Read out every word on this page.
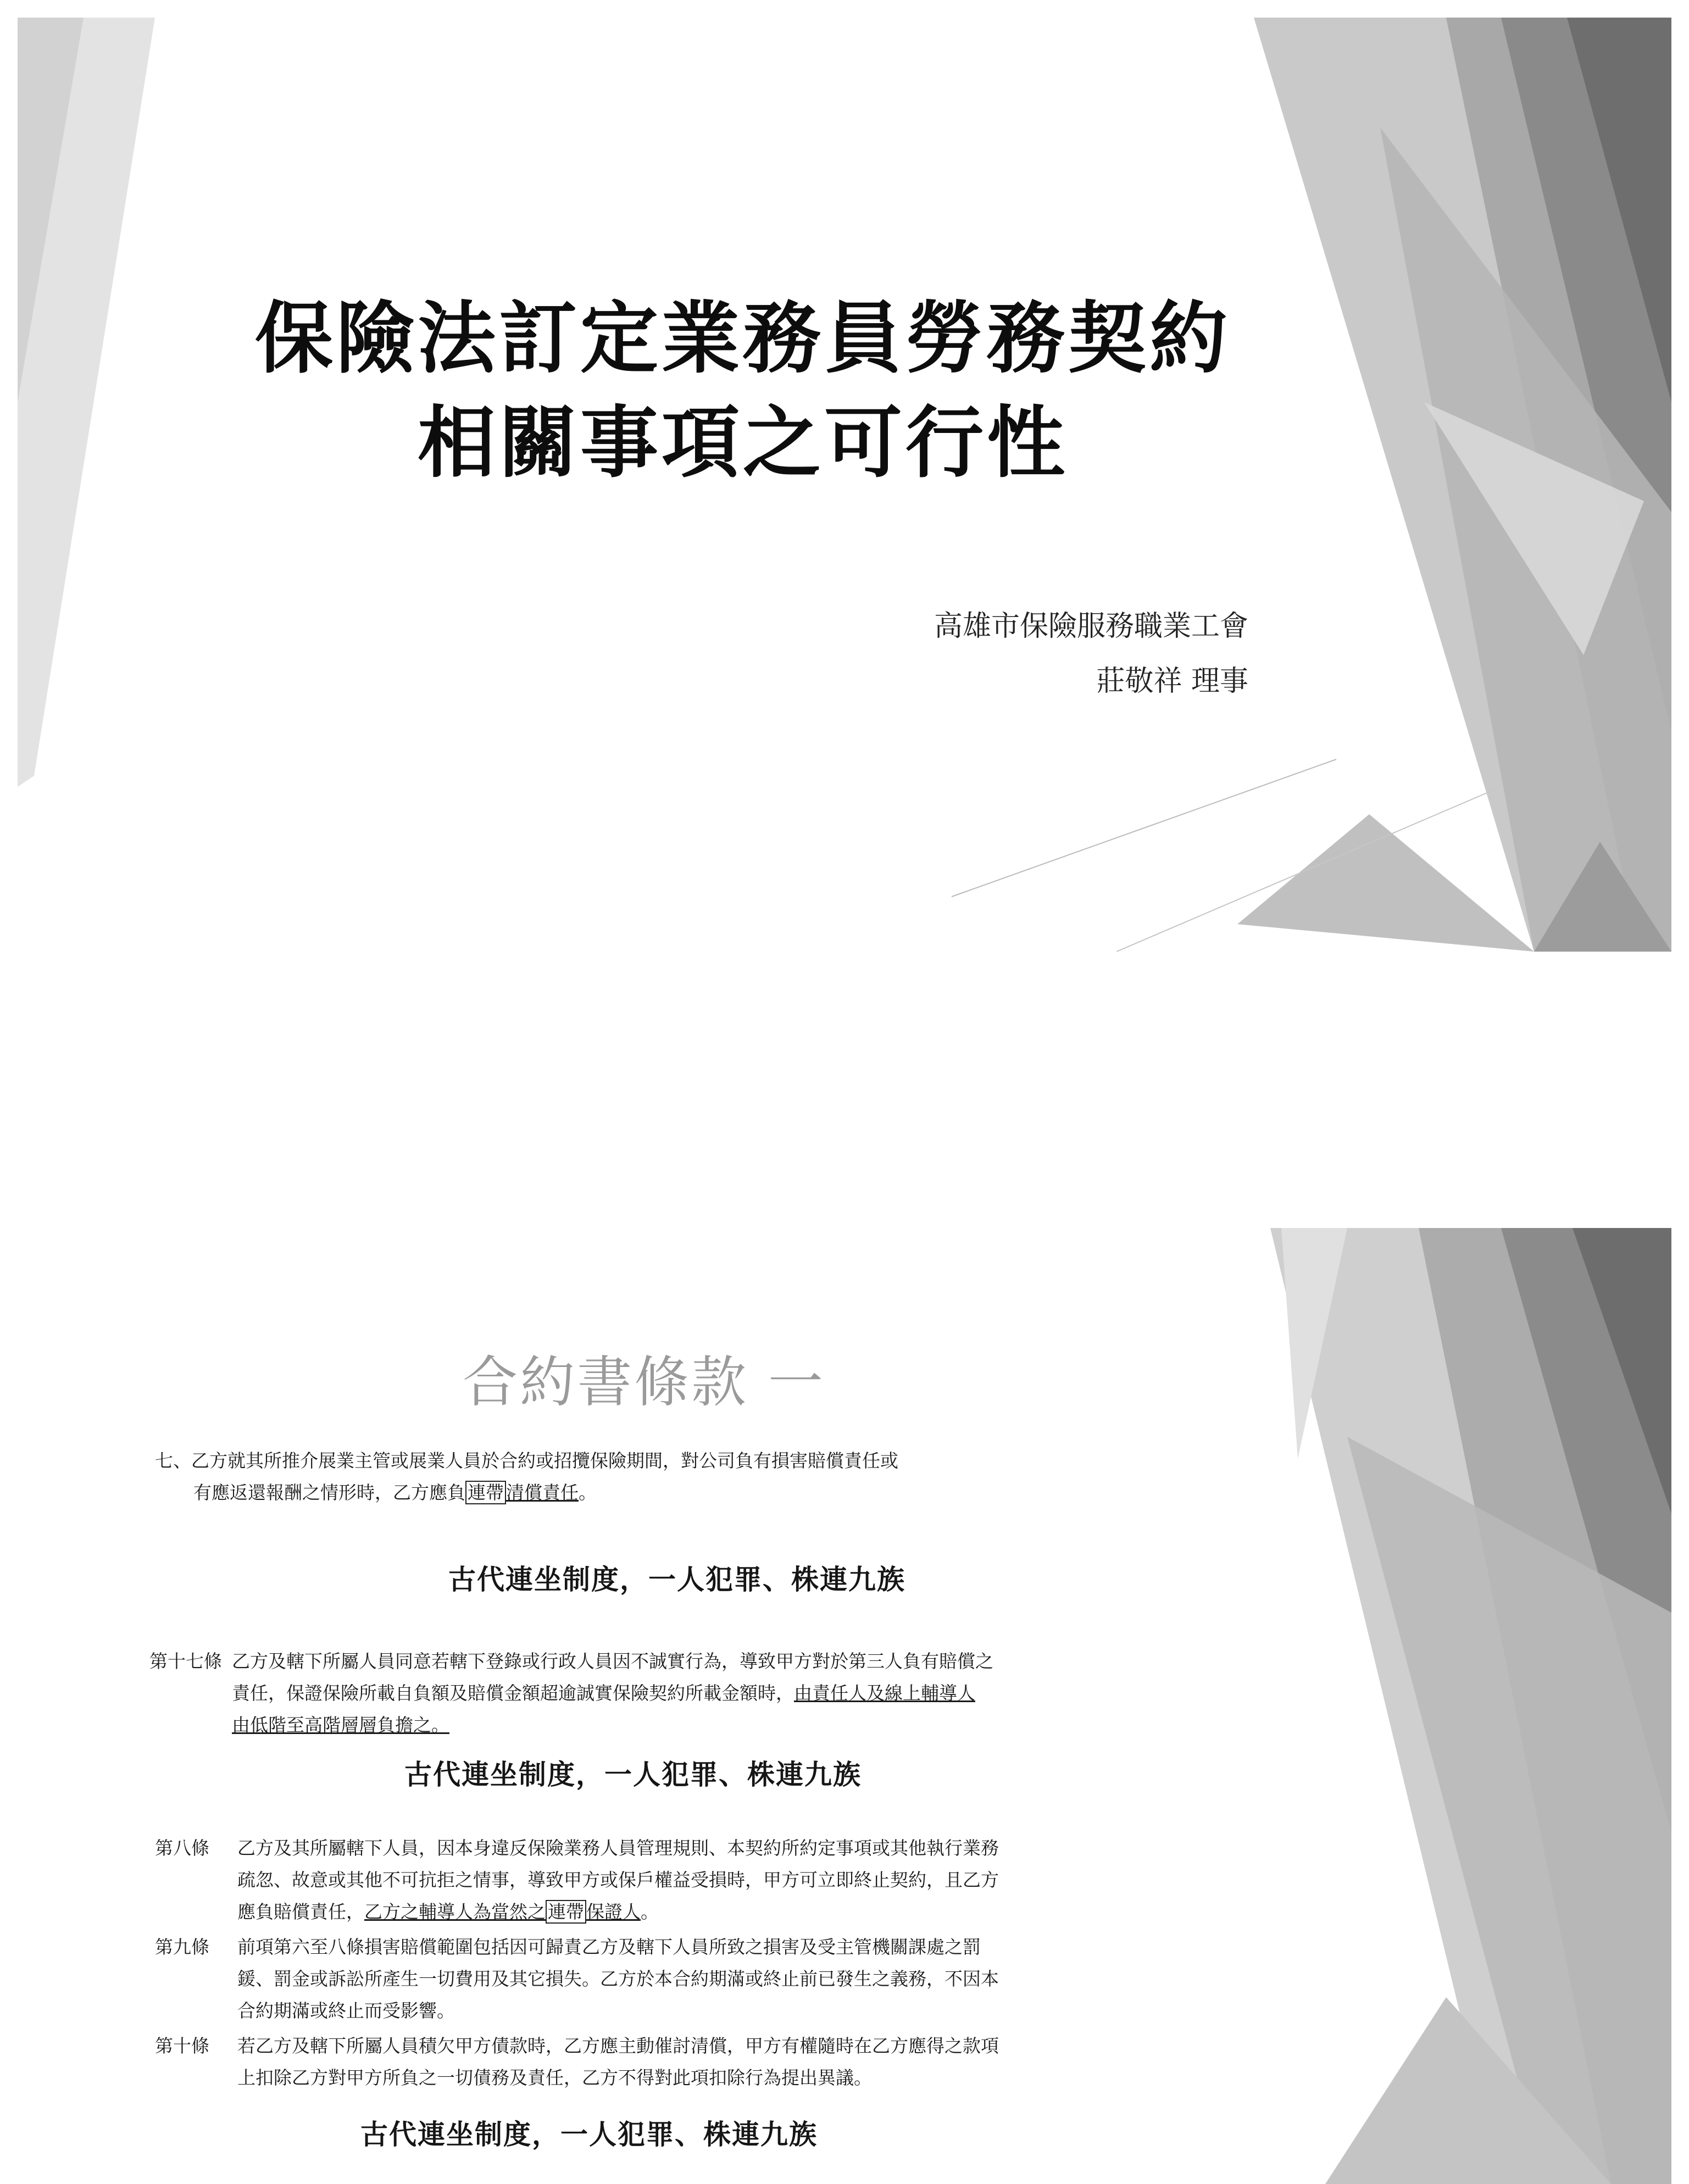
保險法訂定業務員勞務契約
相關事項之可行性

高雄市保險服務職業工會

莊敬祥 理事

合約書條款 一
七、乙方就其所推介展業主管或展業人員於合約或招攬保險期間，對公司負有損害賠償責任或
有應返還報酬之情形時，乙方應負 連帶 清償責任。

古代連坐制度，一人犯罪、株連九族

第十七條 乙方及轄下所屬人員同意若轄下登錄或行政人員因不誠實行為，導致甲方對於第三人負有賠償之
責任，保證保險所載自負額及賠償金額超逾誠實保險契約所載金額時，由責任人及線上輔導人
由低階至高階層層負擔之。

古代連坐制度，一人犯罪、株連九族

第八條 乙方及其所屬轄下人員，因本身違反保險業務人員管理規則、本契約所約定事項或其他執行業務
疏忽、故意或其他不可抗拒之情事，導致甲方或保戶權益受損時，甲方可立即終止契約，且乙方
應負賠償責任，乙方之輔導人為當然之 連帶 保證人。
第九條 前項第六至八條損害賠償範圍包括因可歸責乙方及轄下人員所致之損害及受主管機關課處之罰
鍰、罰金或訴訟所產生一切費用及其它損失。乙方於本合約期滿或終止前已發生之義務，不因本
合約期滿或終止而受影響。
第十條 若乙方及轄下所屬人員積欠甲方債款時，乙方應主動催討清償，甲方有權隨時在乙方應得之款項
上扣除乙方對甲方所負之一切債務及責任，乙方不得對此項扣除行為提出異議。

古代連坐制度，一人犯罪、株連九族
